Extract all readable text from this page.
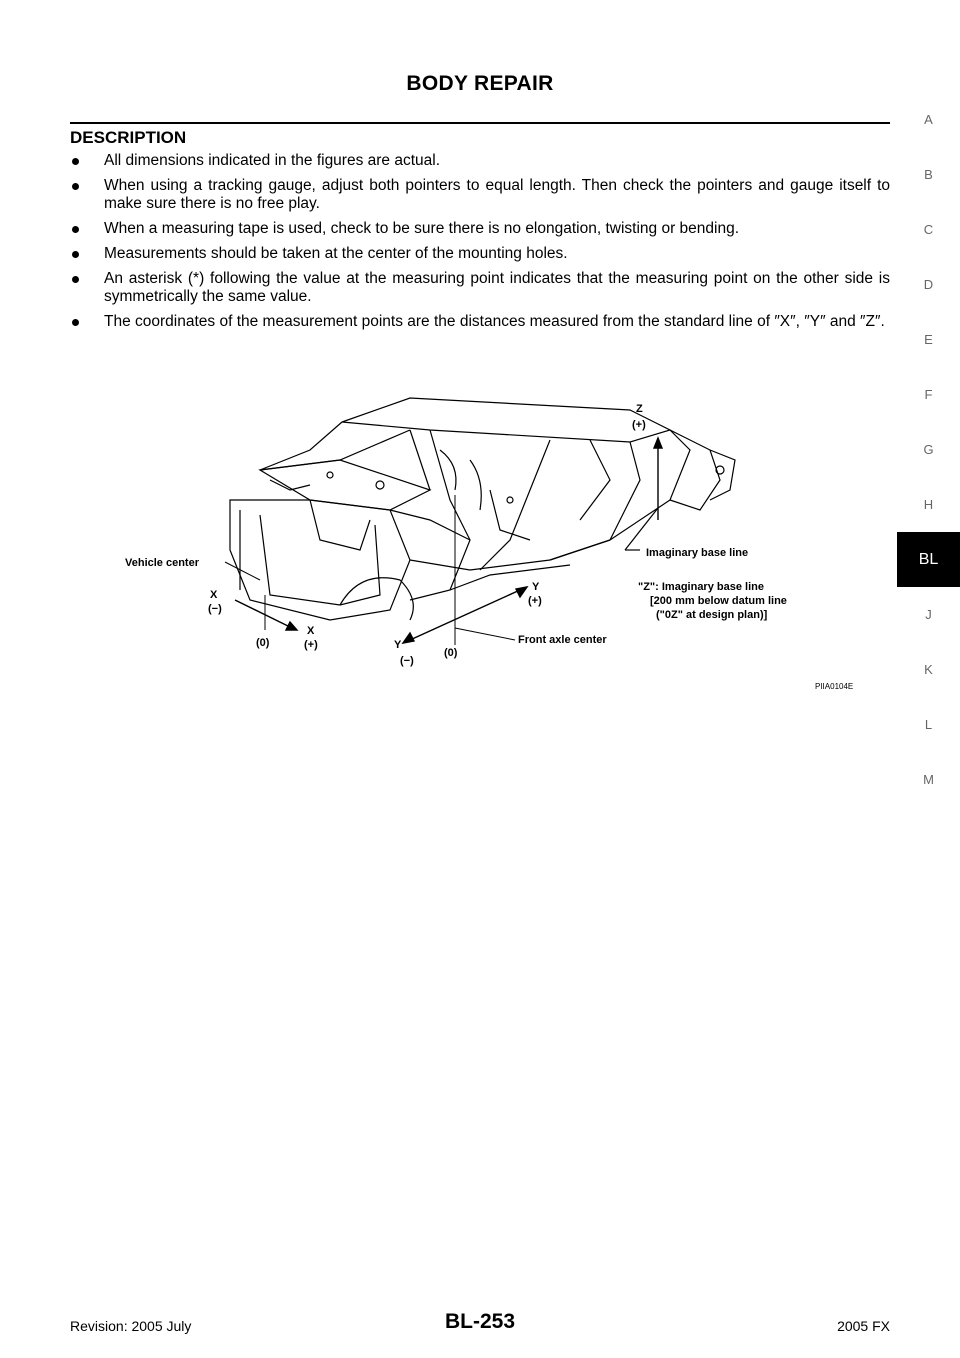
BODY REPAIR
DESCRIPTION
All dimensions indicated in the figures are actual.
When using a tracking gauge, adjust both pointers to equal length. Then check the pointers and gauge itself to make sure there is no free play.
When a measuring tape is used, check to be sure there is no elongation, twisting or bending.
Measurements should be taken at the center of the mounting holes.
An asterisk (*) following the value at the measuring point indicates that the measuring point on the other side is symmetrically the same value.
The coordinates of the measurement points are the distances measured from the standard line of ″X″, ″Y″ and ″Z″.
Z
(+)
Imaginary base line
Vehicle center
X
(−)
(0)
X
(+)
Y
(+)
Y
(−)
(0)
Front axle center
"Z": Imaginary base line
[200 mm below datum line
("0Z" at design plan)]
PIIA0104E
A
B
C
D
E
F
G
H
BL
J
K
L
M
Revision: 2005 July	BL-253	2005 FX
